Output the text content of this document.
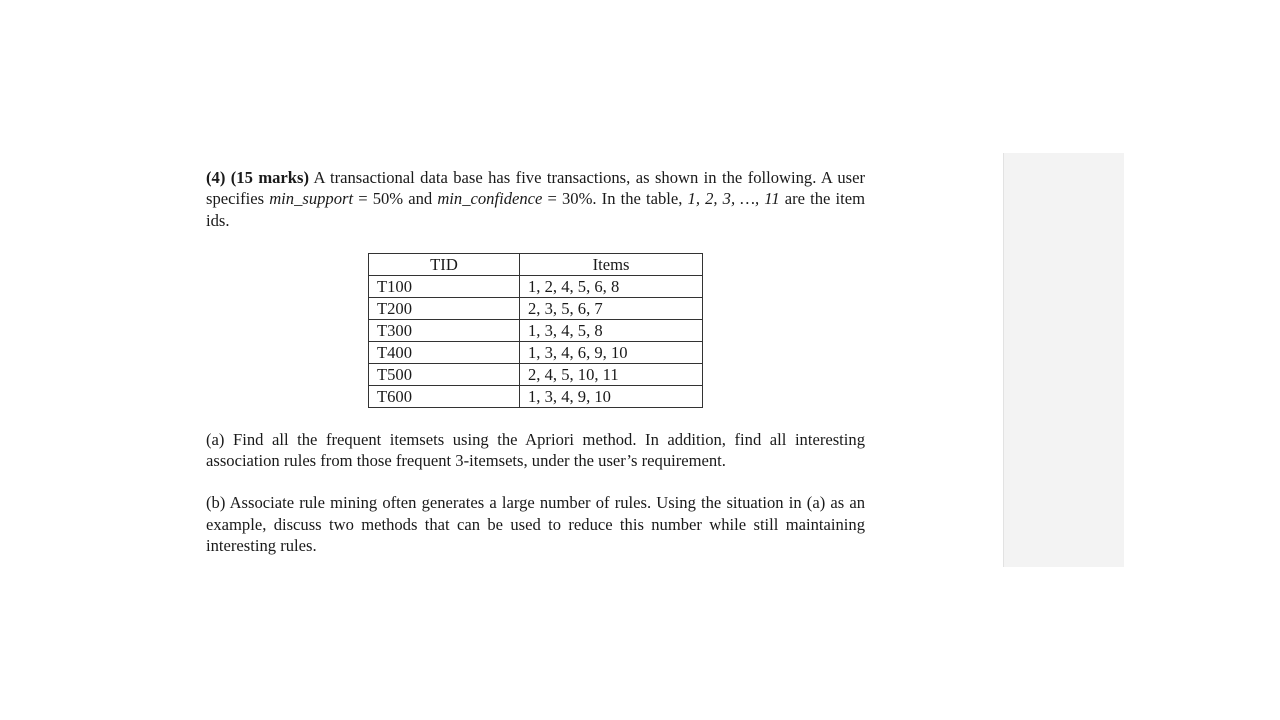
(4) (15 marks) A transactional data base has five transactions, as shown in the following. A user specifies min_support = 50% and min_confidence = 30%. In the table, 1, 2, 3, …, 11 are the item ids.

TID	Items
T100	1, 2, 4, 5, 6, 8
T200	2, 3, 5, 6, 7
T300	1, 3, 4, 5, 8
T400	1, 3, 4, 6, 9, 10
T500	2, 4, 5, 10, 11
T600	1, 3, 4, 9, 10

(a) Find all the frequent itemsets using the Apriori method. In addition, find all interesting association rules from those frequent 3-itemsets, under the user’s requirement.

(b) Associate rule mining often generates a large number of rules. Using the situation in (a) as an example, discuss two methods that can be used to reduce this number while still maintaining interesting rules.
